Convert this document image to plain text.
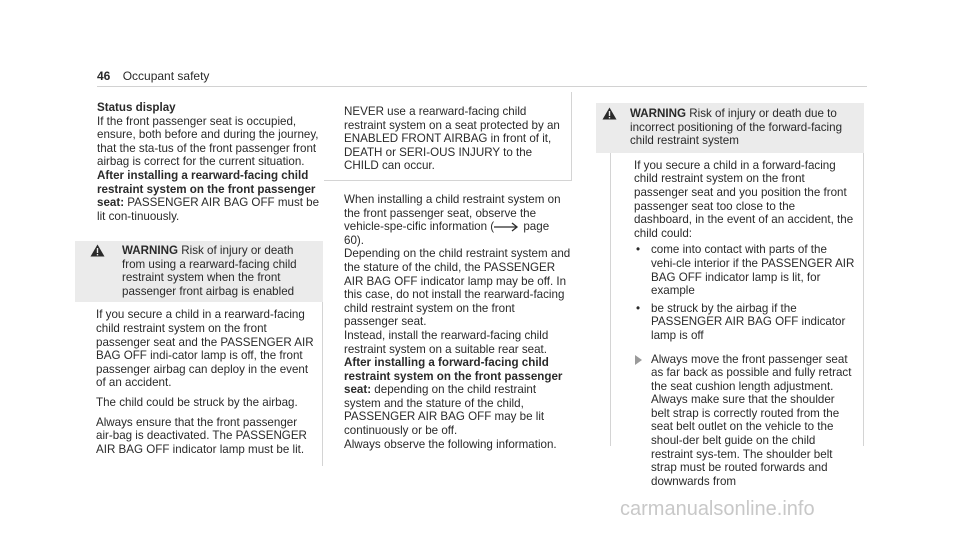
46 Occupant safety

Status display

If the front passenger seat is occupied, ensure, both before and during the journey, that the sta-tus of the front passenger front airbag is correct for the current situation.

After installing a rearward-facing child restraint system on the front passenger seat: PASSENGER AIR BAG OFF must be lit con-tinuously.

WARNING Risk of injury or death from using a rearward-facing child restraint system when the front passenger front airbag is enabled

If you secure a child in a rearward-facing child restraint system on the front passenger seat and the PASSENGER AIR BAG OFF indi-cator lamp is off, the front passenger airbag can deploy in the event of an accident.

The child could be struck by the airbag.

Always ensure that the front passenger air-bag is deactivated. The PASSENGER AIR BAG OFF indicator lamp must be lit.

NEVER use a rearward-facing child restraint system on a seat protected by an ENABLED FRONT AIRBAG in front of it, DEATH or SERI-OUS INJURY to the CHILD can occur.

When installing a child restraint system on the front passenger seat, observe the vehicle-spe-cific information ( page 60).

Depending on the child restraint system and the stature of the child, the PASSENGER AIR BAG OFF indicator lamp may be off. In this case, do not install the rearward-facing child restraint system on the front passenger seat.

Instead, install the rearward-facing child restraint system on a suitable rear seat.

After installing a forward-facing child restraint system on the front passenger seat: depending on the child restraint system and the stature of the child, PASSENGER AIR BAG OFF may be lit continuously or be off.

Always observe the following information.

WARNING Risk of injury or death due to incorrect positioning of the forward-facing child restraint system

If you secure a child in a forward-facing child restraint system on the front passenger seat and you position the front passenger seat too close to the dashboard, in the event of an accident, the child could:

• come into contact with parts of the vehi-cle interior if the PASSENGER AIR BAG OFF indicator lamp is lit, for example
• be struck by the airbag if the PASSENGER AIR BAG OFF indicator lamp is off
Always move the front passenger seat as far back as possible and fully retract the seat cushion length adjustment. Always make sure that the shoulder belt strap is correctly routed from the seat belt outlet on the vehicle to the shoul-der belt guide on the child restraint sys-tem. The shoulder belt strap must be routed forwards and downwards from
carmanualsonline.info
